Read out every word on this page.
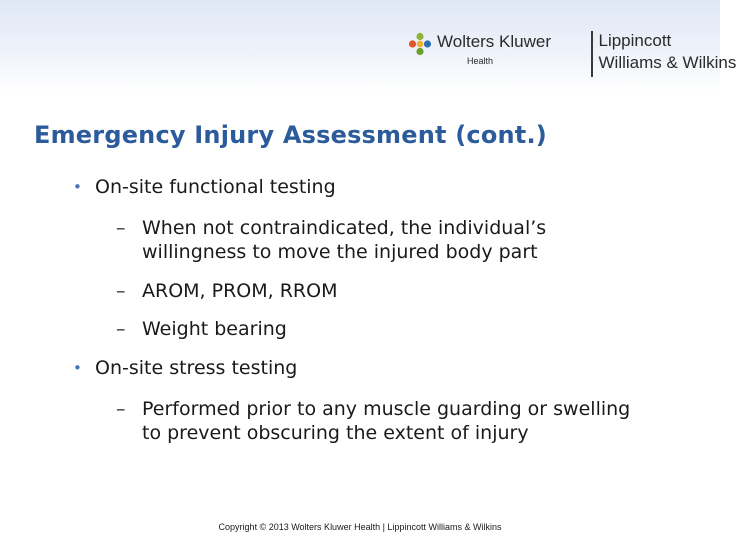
Wolters Kluwer
Health
Lippincott
Williams & Wilkins
Emergency Injury Assessment (cont.)
• On-site functional testing
– When not contraindicated, the individual’s willingness to move the injured body part
– AROM, PROM, RROM
– Weight bearing
• On-site stress testing
– Performed prior to any muscle guarding or swelling to prevent obscuring the extent of injury
Copyright © 2013 Wolters Kluwer Health | Lippincott Williams & Wilkins
